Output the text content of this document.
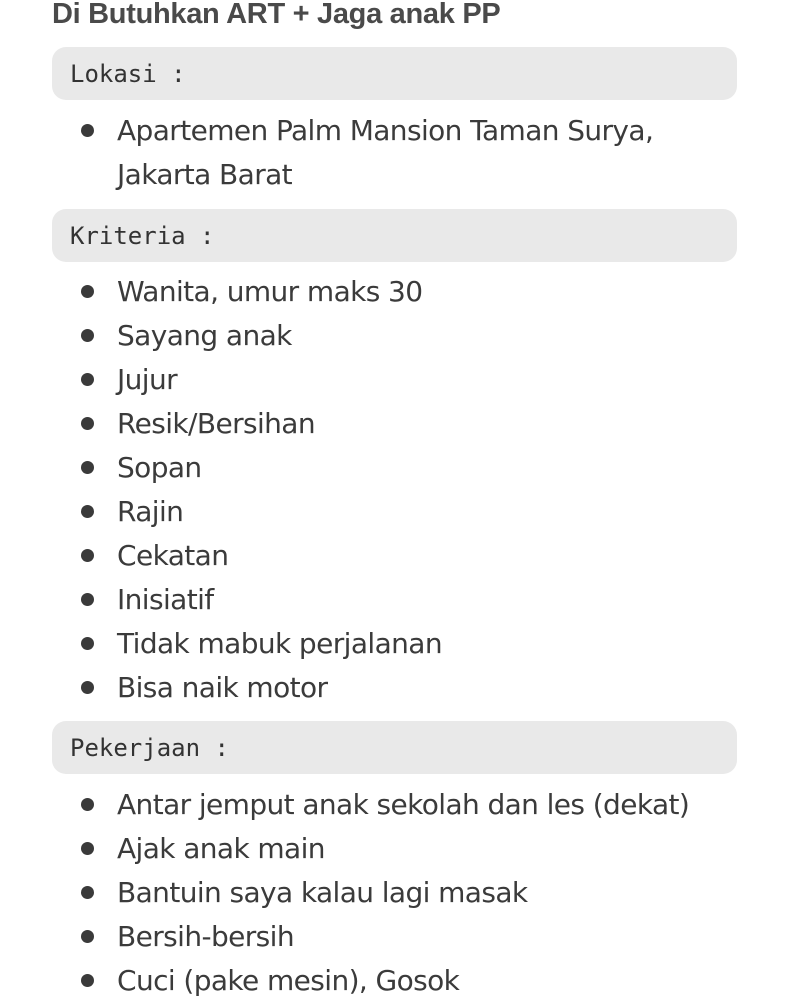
Di Butuhkan ART + Jaga anak PP
Lokasi :
Apartemen Palm Mansion Taman Surya, Jakarta Barat
Kriteria :
Wanita, umur maks 30
Sayang anak
Jujur
Resik/Bersihan
Sopan
Rajin
Cekatan
Inisiatif
Tidak mabuk perjalanan
Bisa naik motor
Pekerjaan :
Antar jemput anak sekolah dan les (dekat)
Ajak anak main
Bantuin saya kalau lagi masak
Bersih-bersih
Cuci (pake mesin), Gosok
